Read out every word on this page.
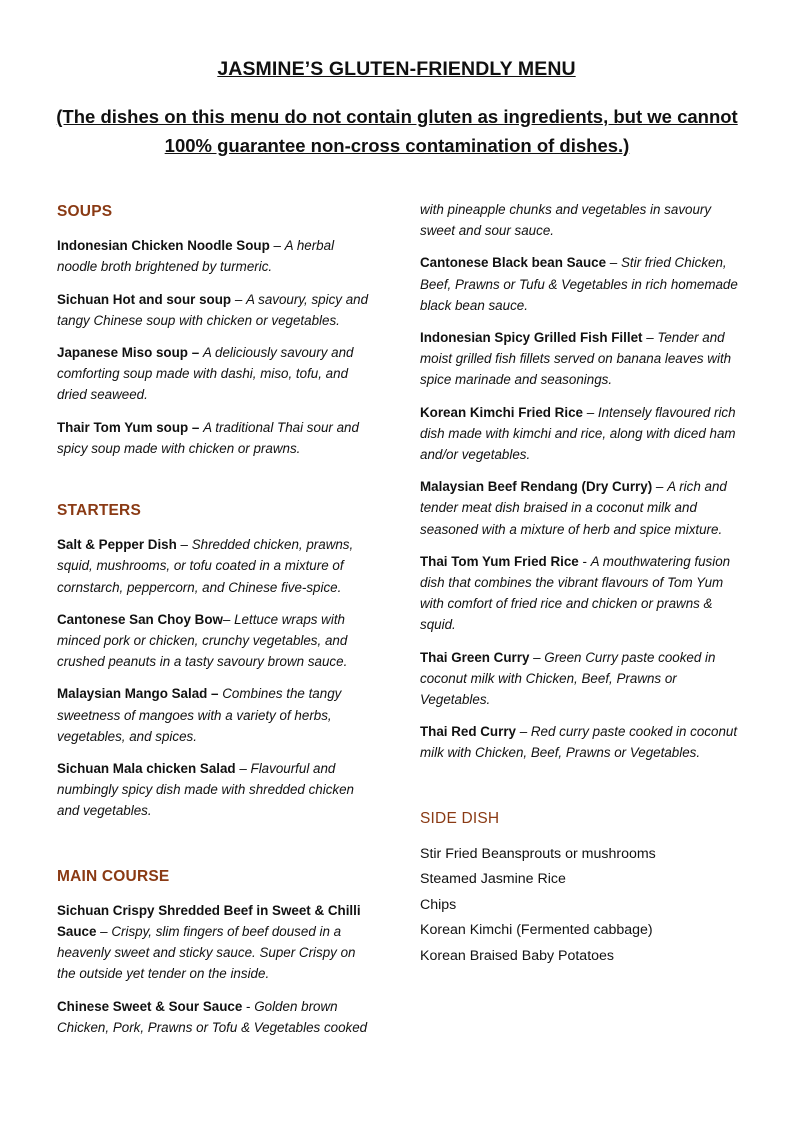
JASMINE’S GLUTEN-FRIENDLY MENU
(The dishes on this menu do not contain gluten as ingredients, but we cannot 100% guarantee non-cross contamination of dishes.)
SOUPS
Indonesian Chicken Noodle Soup – A herbal noodle broth brightened by turmeric.
Sichuan Hot and sour soup – A savoury, spicy and tangy Chinese soup with chicken or vegetables.
Japanese Miso soup – A deliciously savoury and comforting soup made with dashi, miso, tofu, and dried seaweed.
Thair Tom Yum soup – A traditional Thai sour and spicy soup made with chicken or prawns.
STARTERS
Salt & Pepper Dish – Shredded chicken, prawns, squid, mushrooms, or tofu coated in a mixture of cornstarch, peppercorn, and Chinese five-spice.
Cantonese San Choy Bow– Lettuce wraps with minced pork or chicken, crunchy vegetables, and crushed peanuts in a tasty savoury brown sauce.
Malaysian Mango Salad – Combines the tangy sweetness of mangoes with a variety of herbs, vegetables, and spices.
Sichuan Mala chicken Salad – Flavourful and numbingly spicy dish made with shredded chicken and vegetables.
MAIN COURSE
Sichuan Crispy Shredded Beef in Sweet & Chilli Sauce – Crispy, slim fingers of beef doused in a heavenly sweet and sticky sauce. Super Crispy on the outside yet tender on the inside.
Chinese Sweet & Sour Sauce - Golden brown Chicken, Pork, Prawns or Tofu & Vegetables cooked
with pineapple chunks and vegetables in savoury sweet and sour sauce.
Cantonese Black bean Sauce – Stir fried Chicken, Beef, Prawns or Tufu & Vegetables in rich homemade black bean sauce.
Indonesian Spicy Grilled Fish Fillet – Tender and moist grilled fish fillets served on banana leaves with spice marinade and seasonings.
Korean Kimchi Fried Rice – Intensely flavoured rich dish made with kimchi and rice, along with diced ham and/or vegetables.
Malaysian Beef Rendang (Dry Curry) – A rich and tender meat dish braised in a coconut milk and seasoned with a mixture of herb and spice mixture.
Thai Tom Yum Fried Rice - A mouthwatering fusion dish that combines the vibrant flavours of Tom Yum with comfort of fried rice and chicken or prawns & squid.
Thai Green Curry – Green Curry paste cooked in coconut milk with Chicken, Beef, Prawns or Vegetables.
Thai Red Curry – Red curry paste cooked in coconut milk with Chicken, Beef, Prawns or Vegetables.
SIDE DISH
Stir Fried Beansprouts or mushrooms
Steamed Jasmine Rice
Chips
Korean Kimchi (Fermented cabbage)
Korean Braised Baby Potatoes
